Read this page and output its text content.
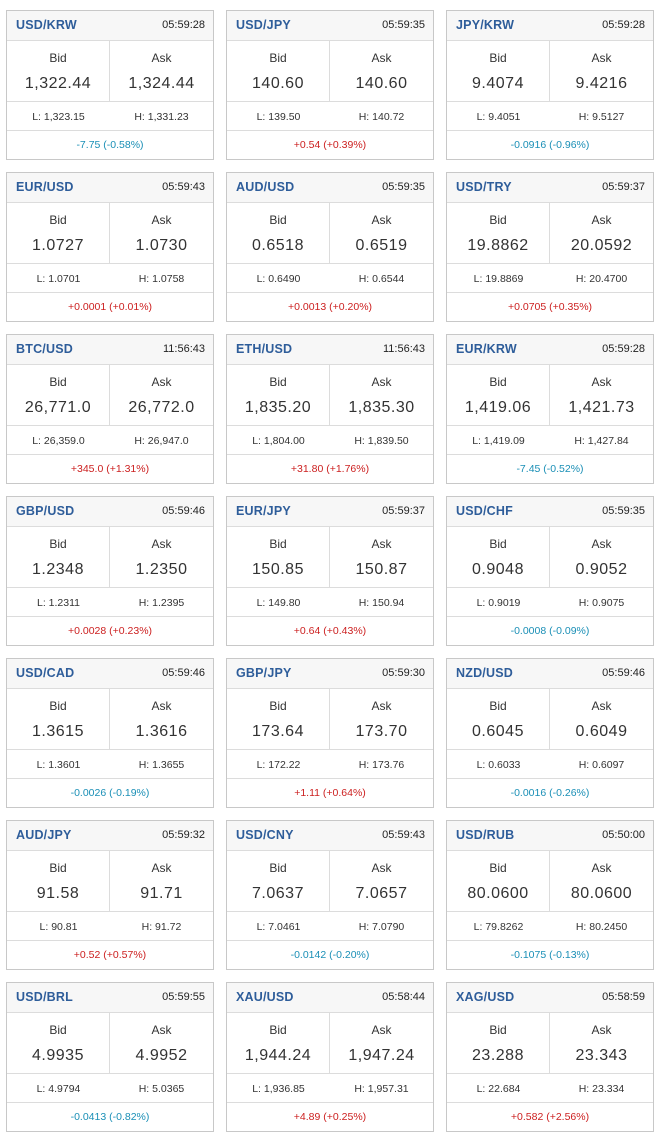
USD/KRW	05:59:28
Bid
1,322.44
Ask
1,324.44
L: 1,323.15	H: 1,331.23
-7.75 (-0.58%)
USD/JPY	05:59:35
Bid
140.60
Ask
140.60
L: 139.50	H: 140.72
+0.54 (+0.39%)
JPY/KRW	05:59:28
Bid
9.4074
Ask
9.4216
L: 9.4051	H: 9.5127
-0.0916 (-0.96%)
EUR/USD	05:59:43
Bid
1.0727
Ask
1.0730
L: 1.0701	H: 1.0758
+0.0001 (+0.01%)
AUD/USD	05:59:35
Bid
0.6518
Ask
0.6519
L: 0.6490	H: 0.6544
+0.0013 (+0.20%)
USD/TRY	05:59:37
Bid
19.8862
Ask
20.0592
L: 19.8869	H: 20.4700
+0.0705 (+0.35%)
BTC/USD	11:56:43
Bid
26,771.0
Ask
26,772.0
L: 26,359.0	H: 26,947.0
+345.0 (+1.31%)
ETH/USD	11:56:43
Bid
1,835.20
Ask
1,835.30
L: 1,804.00	H: 1,839.50
+31.80 (+1.76%)
EUR/KRW	05:59:28
Bid
1,419.06
Ask
1,421.73
L: 1,419.09	H: 1,427.84
-7.45 (-0.52%)
GBP/USD	05:59:46
Bid
1.2348
Ask
1.2350
L: 1.2311	H: 1.2395
+0.0028 (+0.23%)
EUR/JPY	05:59:37
Bid
150.85
Ask
150.87
L: 149.80	H: 150.94
+0.64 (+0.43%)
USD/CHF	05:59:35
Bid
0.9048
Ask
0.9052
L: 0.9019	H: 0.9075
-0.0008 (-0.09%)
USD/CAD	05:59:46
Bid
1.3615
Ask
1.3616
L: 1.3601	H: 1.3655
-0.0026 (-0.19%)
GBP/JPY	05:59:30
Bid
173.64
Ask
173.70
L: 172.22	H: 173.76
+1.11 (+0.64%)
NZD/USD	05:59:46
Bid
0.6045
Ask
0.6049
L: 0.6033	H: 0.6097
-0.0016 (-0.26%)
AUD/JPY	05:59:32
Bid
91.58
Ask
91.71
L: 90.81	H: 91.72
+0.52 (+0.57%)
USD/CNY	05:59:43
Bid
7.0637
Ask
7.0657
L: 7.0461	H: 7.0790
-0.0142 (-0.20%)
USD/RUB	05:50:00
Bid
80.0600
Ask
80.0600
L: 79.8262	H: 80.2450
-0.1075 (-0.13%)
USD/BRL	05:59:55
Bid
4.9935
Ask
4.9952
L: 4.9794	H: 5.0365
-0.0413 (-0.82%)
XAU/USD	05:58:44
Bid
1,944.24
Ask
1,947.24
L: 1,936.85	H: 1,957.31
+4.89 (+0.25%)
XAG/USD	05:58:59
Bid
23.288
Ask
23.343
L: 22.684	H: 23.334
+0.582 (+2.56%)
